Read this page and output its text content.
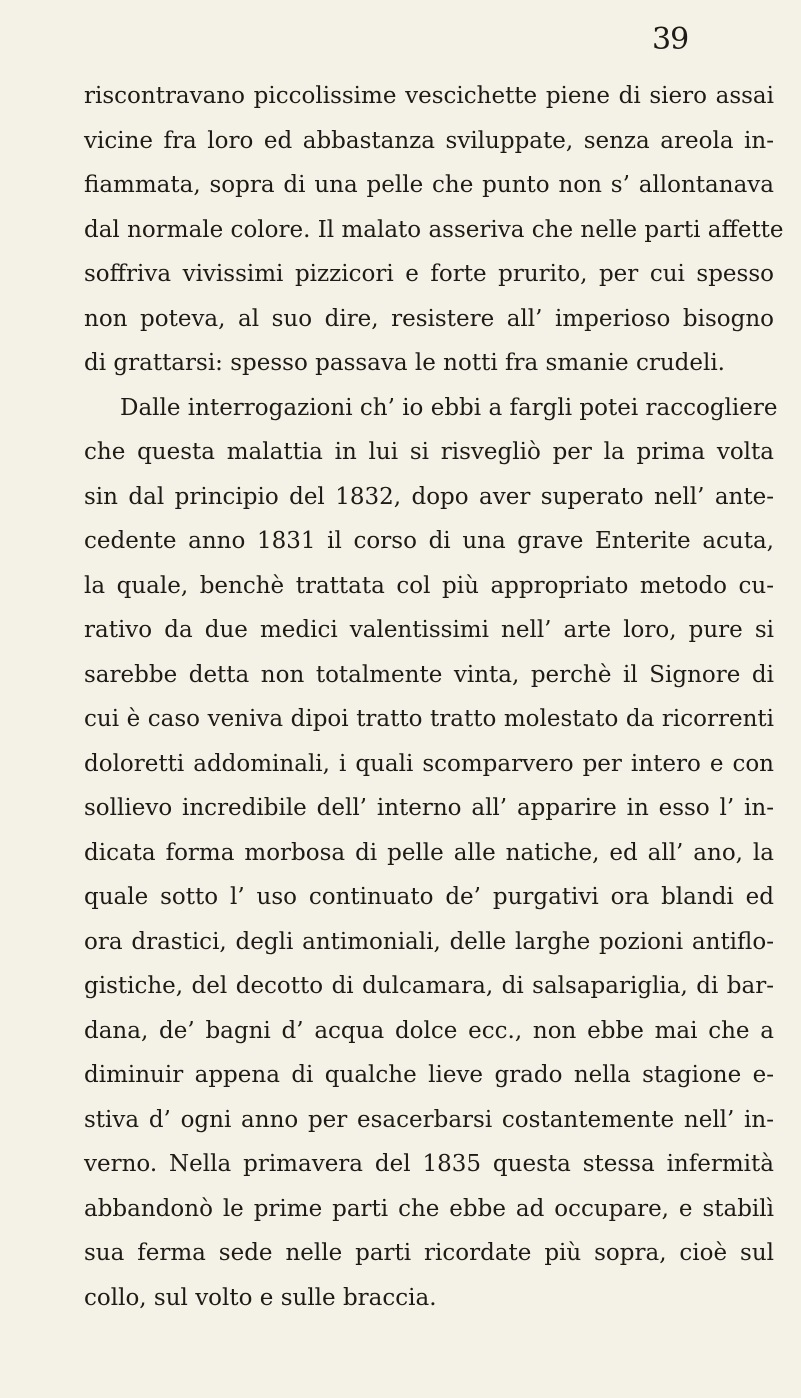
39
riscontravano piccolissime vescichette piene di siero assai
vicine fra loro ed abbastanza sviluppate, senza areola in-
fiammata, sopra di una pelle che punto non s’ allontanava
dal normale colore. Il malato asseriva che nelle parti affette
soffriva vivissimi pizzicori e forte prurito, per cui spesso
non poteva, al suo dire, resistere all’ imperioso bisogno
di grattarsi: spesso passava le notti fra smanie crudeli.
Dalle interrogazioni ch’ io ebbi a fargli potei raccogliere
che questa malattia in lui si risvegliò per la prima volta
sin dal principio del 1832, dopo aver superato nell’ ante-
cedente anno 1831 il corso di una grave Enterite acuta,
la quale, benchè trattata col più appropriato metodo cu-
rativo da due medici valentissimi nell’ arte loro, pure si
sarebbe detta non totalmente vinta, perchè il Signore di
cui è caso veniva dipoi tratto tratto molestato da ricorrenti
doloretti addominali, i quali scomparvero per intero e con
sollievo incredibile dell’ interno all’ apparire in esso l’ in-
dicata forma morbosa di pelle alle natiche, ed all’ ano, la
quale sotto l’ uso continuato de’ purgativi ora blandi ed
ora drastici, degli antimoniali, delle larghe pozioni antiflo-
gistiche, del decotto di dulcamara, di salsapariglia, di bar-
dana, de’ bagni d’ acqua dolce ecc., non ebbe mai che a
diminuir appena di qualche lieve grado nella stagione e-
stiva d’ ogni anno per esacerbarsi costantemente nell’ in-
verno. Nella primavera del 1835 questa stessa infermità
abbandonò le prime parti che ebbe ad occupare, e stabilì
sua ferma sede nelle parti ricordate più sopra, cioè sul
collo, sul volto e sulle braccia.
